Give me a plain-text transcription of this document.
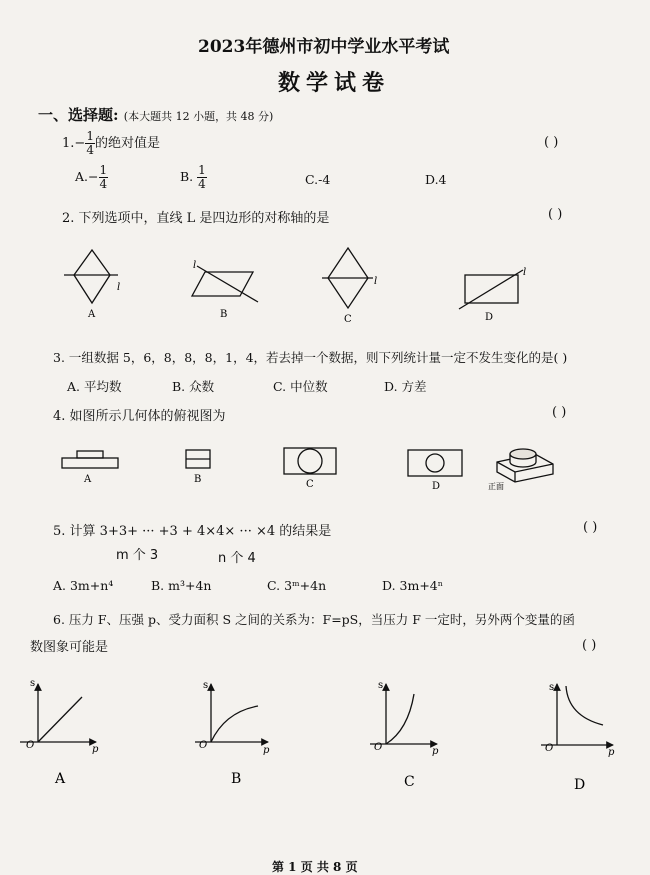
2023年德州市初中学业水平考试
数学试卷
一、选择题: (本大题共 12 小题，共 48 分)
$1.- \frac{1}{4}$ 的绝对值是	( )
$A.- \frac{1}{4}$	B. $\frac{1}{4}$	C.-4	D.4
2. 下列选项中，直线 L 是四边形的对称轴的是	( )
l
A
l
B
l
C
l
D
3. 一组数据 5，6，8，8，8，1，4，若去掉一个数据，则下列统计量一定不发生变化的是( )
A. 平均数	B. 众数	C. 中位数	D. 方差
4. 如图所示几何体的俯视图为	( )
A	B	C	D	正面
5. 计算 3+3+ ··· +3 + 4×4× ··· ×4 的结果是	( )
m 个 3	n 个 4
A. 3m+n⁴	B. m³+4n	C. 3ᵐ+4n	D. 3m+4ⁿ
6. 压力 F、压强 p、受力面积 S 之间的关系为：F=pS，当压力 F 一定时，另外两个变量的函
数图象可能是	( )
s
p
O
A
s
p
O
B
s
p
O
C
s
p
O
D
第 1 页 共 8 页
